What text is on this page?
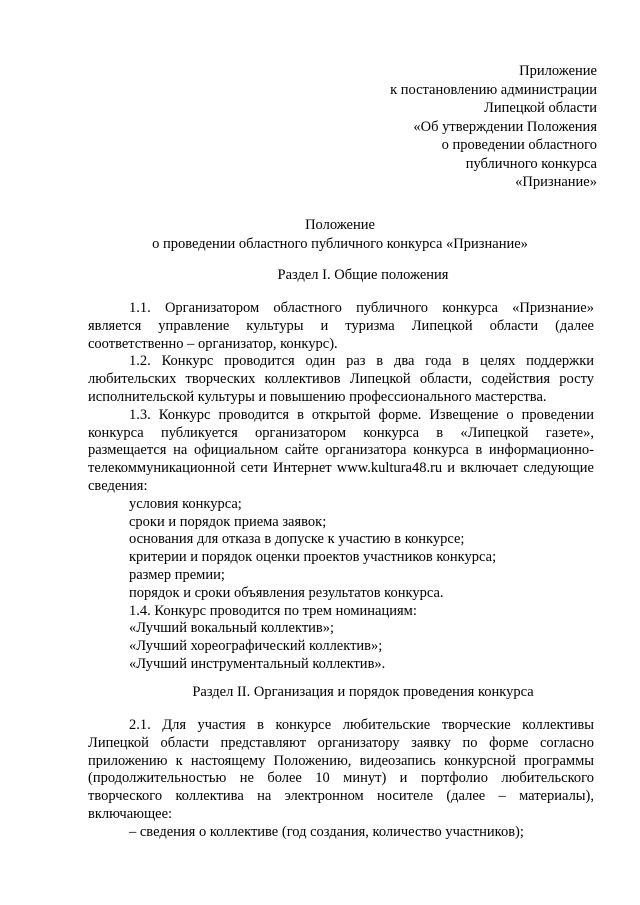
Приложение
к постановлению администрации
Липецкой области
«Об утверждении Положения
о проведении областного
публичного конкурса
«Признание»
Положение
о проведении областного публичного конкурса «Признание»
Раздел I. Общие положения
1.1. Организатором областного публичного конкурса «Признание» является управление культуры и туризма Липецкой области (далее соответственно – организатор, конкурс).
1.2. Конкурс проводится один раз в два года в целях поддержки любительских творческих коллективов Липецкой области, содействия росту исполнительской культуры и повышению профессионального мастерства.
1.3. Конкурс проводится в открытой форме. Извещение о проведении конкурса публикуется организатором конкурса в «Липецкой газете», размещается на официальном сайте организатора конкурса в информационно-телекоммуникационной сети Интернет www.kultura48.ru и включает следующие сведения:
условия конкурса;
сроки и порядок приема заявок;
основания для отказа в допуске к участию в конкурсе;
критерии и порядок оценки проектов участников конкурса;
размер премии;
порядок и сроки объявления результатов конкурса.
1.4. Конкурс проводится по трем номинациям:
«Лучший вокальный коллектив»;
«Лучший хореографический коллектив»;
«Лучший инструментальный коллектив».
Раздел II. Организация и порядок проведения конкурса
2.1. Для участия в конкурсе любительские творческие коллективы Липецкой области представляют организатору заявку по форме согласно приложению к настоящему Положению, видеозапись конкурсной программы (продолжительностью не более 10 минут) и портфолио любительского творческого коллектива на электронном носителе (далее – материалы), включающее:
– сведения о коллективе (год создания, количество участников);
